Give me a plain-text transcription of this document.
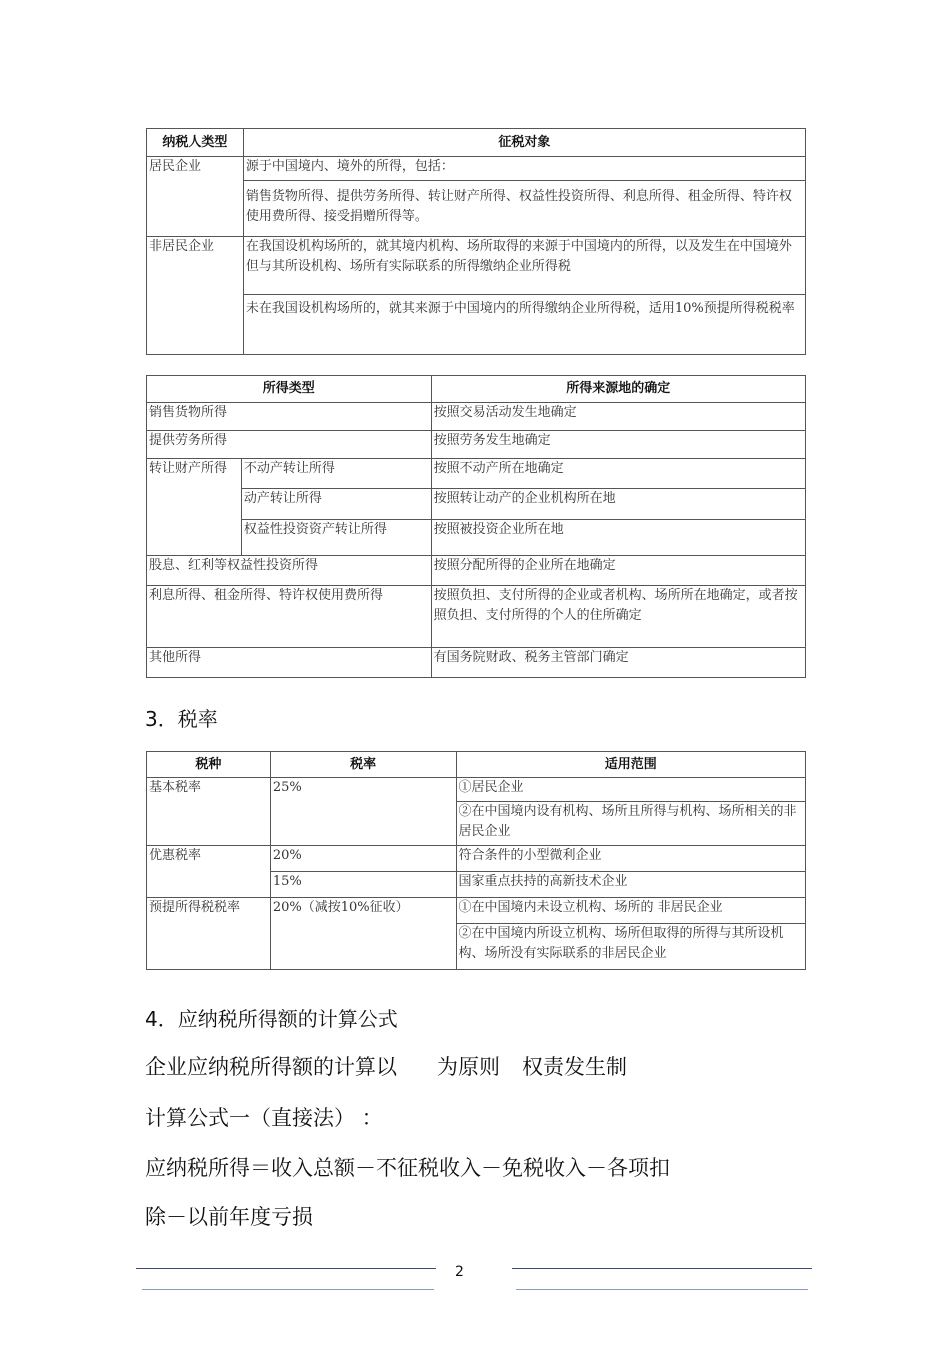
纳税人类型	征税对象
居民企业	源于中国境内、境外的所得，包括：
	销售货物所得、提供劳务所得、转让财产所得、权益性投资所得、利息所得、租金所得、特许权使用费所得、接受捐赠所得等。
非居民企业	在我国设机构场所的，就其境内机构、场所取得的来源于中国境内的所得，以及发生在中国境外但与其所设机构、场所有实际联系的所得缴纳企业所得税
	未在我国设机构场所的，就其来源于中国境内的所得缴纳企业所得税，适用10%预提所得税税率
所得类型		所得来源地的确定
销售货物所得		按照交易活动发生地确定
提供劳务所得		按照劳务发生地确定
转让财产所得	不动产转让所得	按照不动产所在地确定
	动产转让所得	按照转让动产的企业机构所在地
	权益性投资资产转让所得	按照被投资企业所在地
股息、红利等权益性投资所得		按照分配所得的企业所在地确定
利息所得、租金所得、特许权使用费所得		按照负担、支付所得的企业或者机构、场所所在地确定，或者按照负担、支付所得的个人的住所确定
其他所得		有国务院财政、税务主管部门确定
3．税率
税种	税率	适用范围
基本税率	25%	①居民企业
		②在中国境内设有机构、场所且所得与机构、场所相关的非居民企业
优惠税率	20%	符合条件的小型微利企业
	15%	国家重点扶持的高新技术企业
预提所得税税率	20%（减按10%征收）	①在中国境内未设立机构、场所的 非居民企业
		②在中国境内所设立机构、场所但取得的所得与其所设机构、场所没有实际联系的非居民企业
4．应纳税所得额的计算公式
企业应纳税所得额的计算以 为原则 权责发生制
计算公式一（直接法） ：
应纳税所得＝收入总额－不征税收入－免税收入－各项扣
除－以前年度亏损
2
